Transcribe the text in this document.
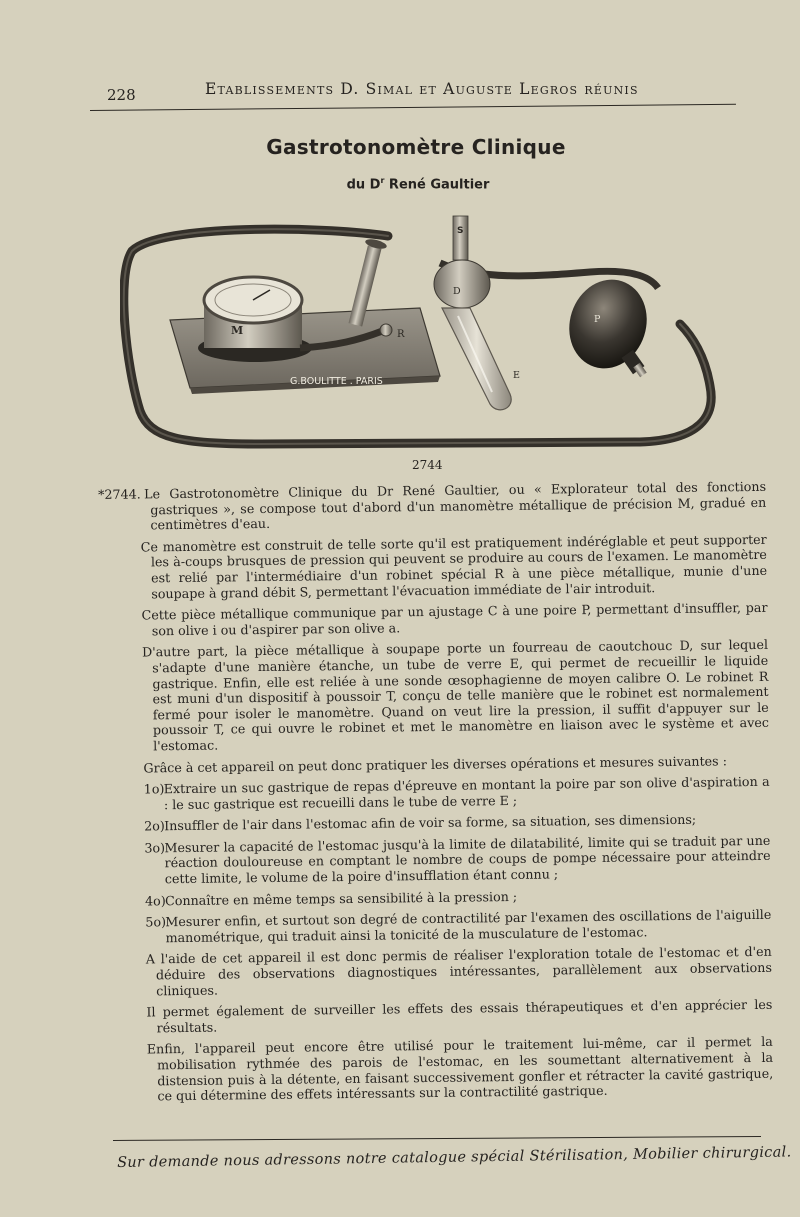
228	Etablissements D. Simal et Auguste Legros réunis
Gastrotonomètre Clinique
du $D^r$ René Gaultier
G.BOULITTE . PARIS
M	R
S
D
E
P
2744

*2744. Le Gastrotonomètre Clinique du Dr René Gaultier, ou « Explorateur total des fonctions gastriques », se compose tout d'abord d'un manomètre métallique de précision M, gradué en centimètres d'eau.

Ce manomètre est construit de telle sorte qu'il est pratiquement indéréglable et peut supporter les à-coups brusques de pression qui peuvent se produire au cours de l'examen. Le manomètre est relié par l'intermédiaire d'un robinet spécial R à une pièce métallique, munie d'une soupape à grand débit S, permettant l'évacuation immédiate de l'air introduit.

Cette pièce métallique communique par un ajustage C à une poire P, permettant d'insuffler, par son olive i ou d'aspirer par son olive a.

D'autre part, la pièce métallique à soupape porte un fourreau de caoutchouc D, sur lequel s'adapte d'une manière étanche, un tube de verre E, qui permet de recueillir le liquide gastrique. Enfin, elle est reliée à une sonde œsophagienne de moyen calibre O. Le robinet R est muni d'un dispositif à poussoir T, conçu de telle manière que le robinet est normalement fermé pour isoler le manomètre. Quand on veut lire la pression, il suffit d'appuyer sur le poussoir T, ce qui ouvre le robinet et met le manomètre en liaison avec le système et avec l'estomac.

Grâce à cet appareil on peut donc pratiquer les diverses opérations et mesures suivantes :

1o)Extraire un suc gastrique de repas d'épreuve en montant la poire par son olive d'aspiration a : le suc gastrique est recueilli dans le tube de verre E ;

2o)Insuffler de l'air dans l'estomac afin de voir sa forme, sa situation, ses dimensions;

3o)Mesurer la capacité de l'estomac jusqu'à la limite de dilatabilité, limite qui se traduit par une réaction douloureuse en comptant le nombre de coups de pompe nécessaire pour atteindre cette limite, le volume de la poire d'insufflation étant connu ;

4o)Connaître en même temps sa sensibilité à la pression ;

5o)Mesurer enfin, et surtout son degré de contractilité par l'examen des oscillations de l'aiguille manométrique, qui traduit ainsi la tonicité de la musculature de l'estomac.

A l'aide de cet appareil il est donc permis de réaliser l'exploration totale de l'estomac et d'en déduire des observations diagnostiques intéressantes, parallèlement aux observations cliniques.

Il permet également de surveiller les effets des essais thérapeutiques et d'en apprécier les résultats.

Enfin, l'appareil peut encore être utilisé pour le traitement lui-même, car il permet la mobilisation rythmée des parois de l'estomac, en les soumettant alternativement à la distension puis à la détente, en faisant successivement gonfler et rétracter la cavité gastrique, ce qui détermine des effets intéressants sur la contractilité gastrique.

Sur demande nous adressons notre catalogue spécial Stérilisation, Mobilier chirurgical.
